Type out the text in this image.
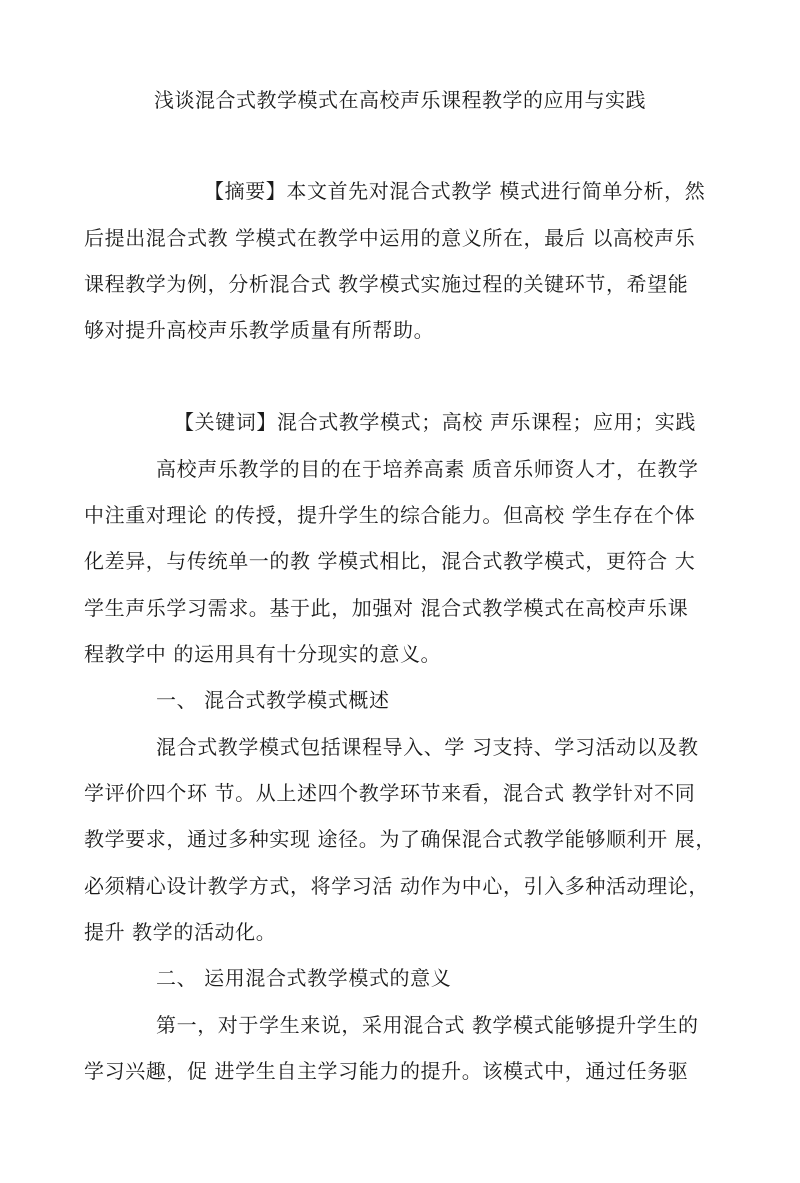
浅谈混合式教学模式在高校声乐课程教学的应用与实践
【摘要】本文首先对混合式教学 模式进行简单分析，然
后提出混合式教 学模式在教学中运用的意义所在，最后 以高校声乐
课程教学为例，分析混合式 教学模式实施过程的关键环节，希望能
够对提升高校声乐教学质量有所帮助。
【关键词】混合式教学模式；高校 声乐课程；应用；实践
高校声乐教学的目的在于培养高素 质音乐师资人才，在教学
中注重对理论 的传授，提升学生的综合能力。但高校 学生存在个体
化差异，与传统单一的教 学模式相比，混合式教学模式，更符合 大
学生声乐学习需求。基于此，加强对 混合式教学模式在高校声乐课
程教学中 的运用具有十分现实的意义。
一、 混合式教学模式概述
混合式教学模式包括课程导入、学 习支持、学习活动以及教
学评价四个环 节。从上述四个教学环节来看，混合式 教学针对不同
教学要求，通过多种实现 途径。为了确保混合式教学能够顺利开 展，
必须精心设计教学方式，将学习活 动作为中心，引入多种活动理论，
提升 教学的活动化。
二、 运用混合式教学模式的意义
第一，对于学生来说，采用混合式 教学模式能够提升学生的
学习兴趣，促 进学生自主学习能力的提升。该模式中，通过任务驱
